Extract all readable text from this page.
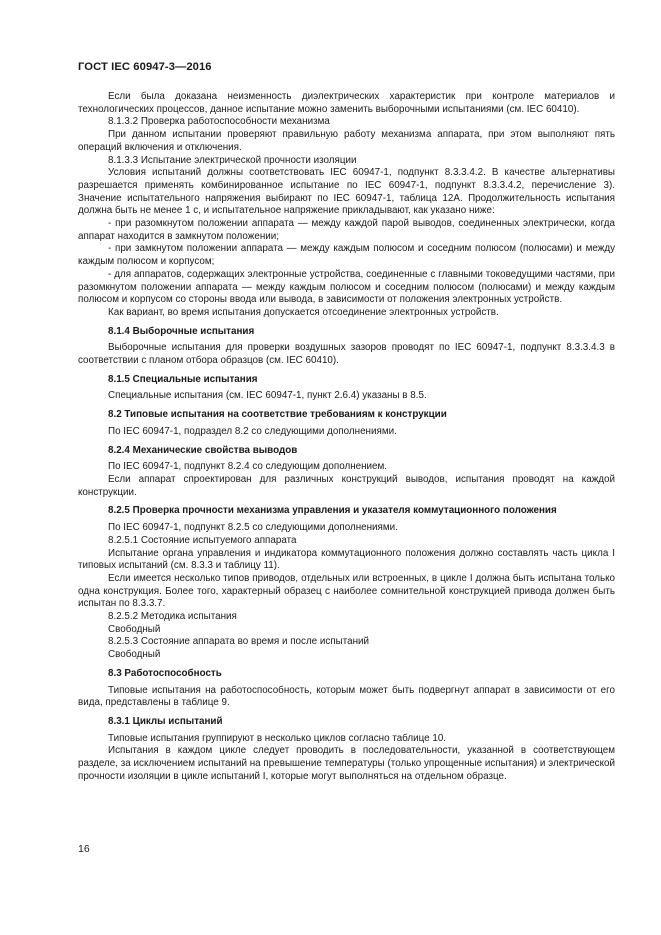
ГОСТ IEC 60947-3—2016

Если была доказана неизменность диэлектрических характеристик при контроле материалов и технологических процессов, данное испытание можно заменить выборочными испытаниями (см. IEC 60410).

8.1.3.2 Проверка работоспособности механизма

При данном испытании проверяют правильную работу механизма аппарата, при этом выполняют пять операций включения и отключения.

8.1.3.3 Испытание электрической прочности изоляции

Условия испытаний должны соответствовать IEC 60947-1, подпункт 8.3.3.4.2. В качестве альтернативы разрешается применять комбинированное испытание по IEC 60947-1, подпункт 8.3.3.4.2, перечисление 3). Значение испытательного напряжения выбирают по IEC 60947-1, таблица 12А. Продолжительность испытания должна быть не менее 1 с, и испытательное напряжение прикладывают, как указано ниже:

- при разомкнутом положении аппарата — между каждой парой выводов, соединенных электрически, когда аппарат находится в замкнутом положении;

- при замкнутом положении аппарата — между каждым полюсом и соседним полюсом (полюсами) и между каждым полюсом и корпусом;

- для аппаратов, содержащих электронные устройства, соединенные с главными токоведущими частями, при разомкнутом положении аппарата — между каждым полюсом и соседним полюсом (полюсами) и между каждым полюсом и корпусом со стороны ввода или вывода, в зависимости от положения электронных устройств.

Как вариант, во время испытания допускается отсоединение электронных устройств.

8.1.4 Выборочные испытания

Выборочные испытания для проверки воздушных зазоров проводят по IEC 60947-1, подпункт 8.3.3.4.3 в соответствии с планом отбора образцов (см. IEC 60410).

8.1.5 Специальные испытания

Специальные испытания (см. IEC 60947-1, пункт 2.6.4) указаны в 8.5.

8.2 Типовые испытания на соответствие требованиям к конструкции

По IEC 60947-1, подраздел 8.2 со следующими дополнениями.

8.2.4 Механические свойства выводов

По IEC 60947-1, подпункт 8.2.4 со следующим дополнением.

Если аппарат спроектирован для различных конструкций выводов, испытания проводят на каждой конструкции.

8.2.5 Проверка прочности механизма управления и указателя коммутационного положения

По IEC 60947-1, подпункт 8.2.5 со следующими дополнениями.

8.2.5.1 Состояние испытуемого аппарата

Испытание органа управления и индикатора коммутационного положения должно составлять часть цикла I типовых испытаний (см. 8.3.3 и таблицу 11).

Если имеется несколько типов приводов, отдельных или встроенных, в цикле I должна быть испытана только одна конструкция. Более того, характерный образец с наиболее сомнительной конструкцией привода должен быть испытан по 8.3.3.7.

8.2.5.2 Методика испытания

Свободный

8.2.5.3 Состояние аппарата во время и после испытаний

Свободный

8.3 Работоспособность

Типовые испытания на работоспособность, которым может быть подвергнут аппарат в зависимости от его вида, представлены в таблице 9.

8.3.1 Циклы испытаний

Типовые испытания группируют в несколько циклов согласно таблице 10.

Испытания в каждом цикле следует проводить в последовательности, указанной в соответствующем разделе, за исключением испытаний на превышение температуры (только упрощенные испытания) и электрической прочности изоляции в цикле испытаний I, которые могут выполняться на отдельном образце.

16
